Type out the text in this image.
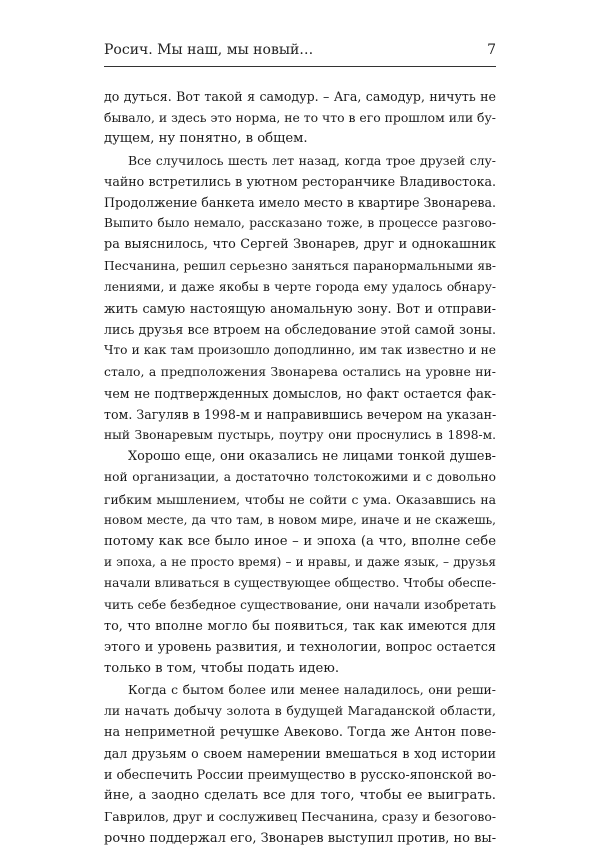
Росич. Мы наш, мы новый…	7
до дуться. Вот такой я самодур. – Ага, самодур, ничуть не
бывало, и здесь это норма, не то что в его прошлом или бу-
дущем, ну понятно, в общем.
Все случилось шесть лет назад, когда трое друзей слу-
чайно встретились в уютном ресторанчике Владивостока.
Продолжение банкета имело место в квартире Звонарева.
Выпито было немало, рассказано тоже, в процессе разгово-
ра выяснилось, что Сергей Звонарев, друг и однокашник
Песчанина, решил серьезно заняться паранормальными яв-
лениями, и даже якобы в черте города ему удалось обнару-
жить самую настоящую аномальную зону. Вот и отправи-
лись друзья все втроем на обследование этой самой зоны.
Что и как там произошло доподлинно, им так известно и не
стало, а предположения Звонарева остались на уровне ни-
чем не подтвержденных домыслов, но факт остается фак-
том. Загуляв в 1998-м и направившись вечером на указан-
ный Звонаревым пустырь, поутру они проснулись в 1898-м.
Хорошо еще, они оказались не лицами тонкой душев-
ной организации, а достаточно толстокожими и с довольно
гибким мышлением, чтобы не сойти с ума. Оказавшись на
новом месте, да что там, в новом мире, иначе и не скажешь,
потому как все было иное – и эпоха (а что, вполне себе
и эпоха, а не просто время) – и нравы, и даже язык, – друзья
начали вливаться в существующее общество. Чтобы обеспе-
чить себе безбедное существование, они начали изобретать
то, что вполне могло бы появиться, так как имеются для
этого и уровень развития, и технологии, вопрос остается
только в том, чтобы подать идею.
Когда с бытом более или менее наладилось, они реши-
ли начать добычу золота в будущей Магаданской области,
на неприметной речушке Авеково. Тогда же Антон пове-
дал друзьям о своем намерении вмешаться в ход истории
и обеспечить России преимущество в русско-японской во-
йне, а заодно сделать все для того, чтобы ее выиграть.
Гаврилов, друг и сослуживец Песчанина, сразу и безогово-
рочно поддержал его, Звонарев выступил против, но вы-
